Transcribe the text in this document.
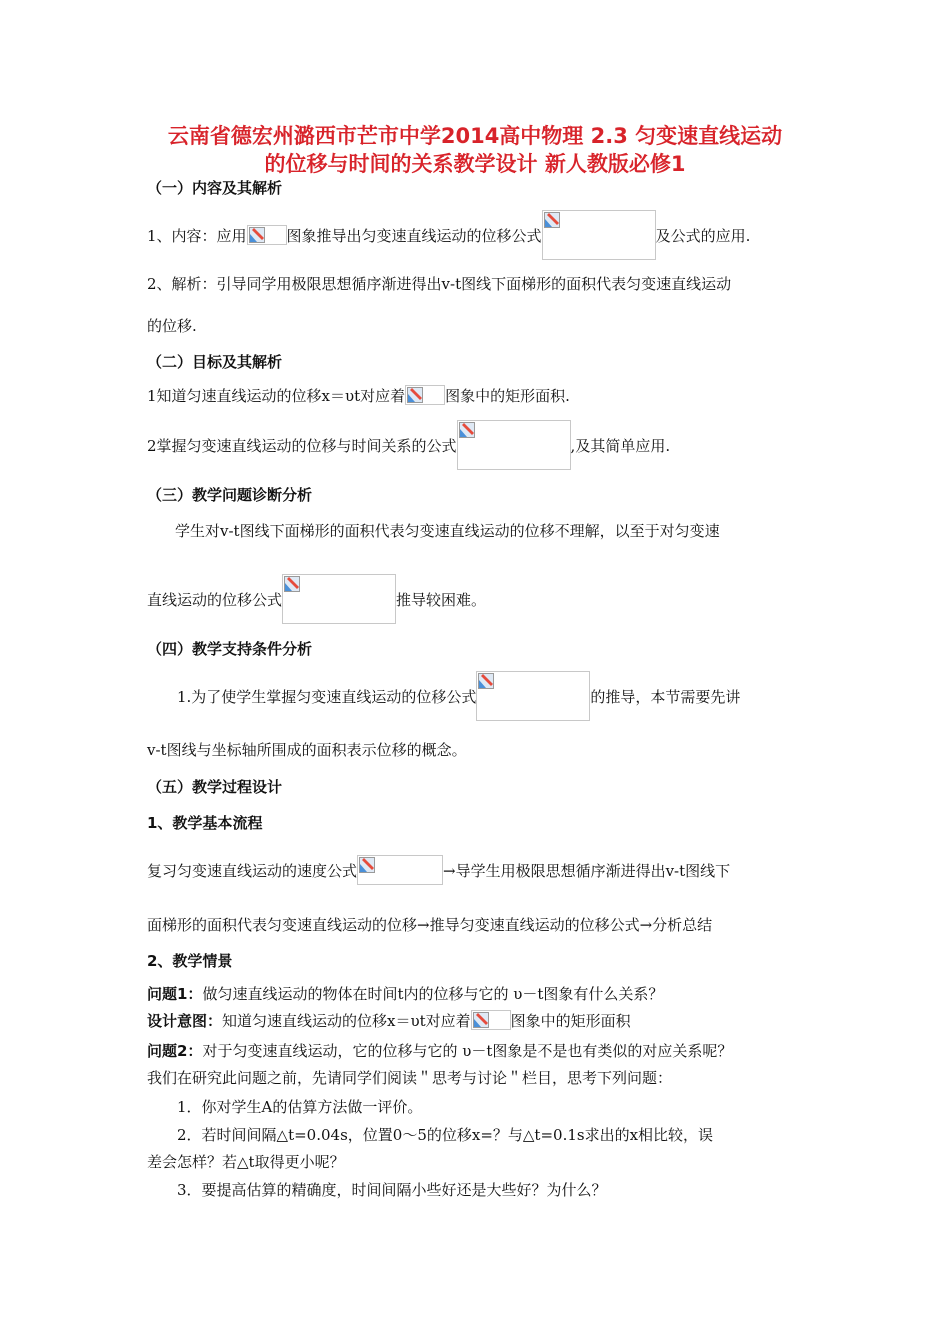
云南省德宏州潞西市芒市中学2014高中物理 2.3 匀变速直线运动
的位移与时间的关系教学设计 新人教版必修1
（一）内容及其解析
1、内容：应用	图象推导出匀变速直线运动的位移公式	及公式的应用.
2、解析：引导同学用极限思想循序渐进得出v-t图线下面梯形的面积代表匀变速直线运动
的位移.
（二）目标及其解析
1知道匀速直线运动的位移x＝υt对应着	图象中的矩形面积.
2掌握匀变速直线运动的位移与时间关系的公式	,及其简单应用.
（三）教学问题诊断分析
学生对v-t图线下面梯形的面积代表匀变速直线运动的位移不理解，以至于对匀变速
直线运动的位移公式	推导较困难。
（四）教学支持条件分析
1.为了使学生掌握匀变速直线运动的位移公式	的推导，本节需要先讲
v-t图线与坐标轴所围成的面积表示位移的概念。
（五）教学过程设计
1、教学基本流程
复习匀变速直线运动的速度公式	→导学生用极限思想循序渐进得出v-t图线下
面梯形的面积代表匀变速直线运动的位移→推导匀变速直线运动的位移公式→分析总结
2、教学情景
问题1： 做匀速直线运动的物体在时间t内的位移与它的 υ－t图象有什么关系？
设计意图： 知道匀速直线运动的位移x＝υt对应着	图象中的矩形面积
问题2： 对于匀变速直线运动，它的位移与它的 υ－t图象是不是也有类似的对应关系呢？
我们在研究此问题之前，先请同学们阅读＂思考与讨论＂栏目，思考下列问题：
1．你对学生A的估算方法做一评价。
2．若时间间隔△t=0.04s，位置0～5的位移x=？与△t=0.1s求出的x相比较，误
差会怎样？若△t取得更小呢？
3．要提高估算的精确度，时间间隔小些好还是大些好？为什么？
